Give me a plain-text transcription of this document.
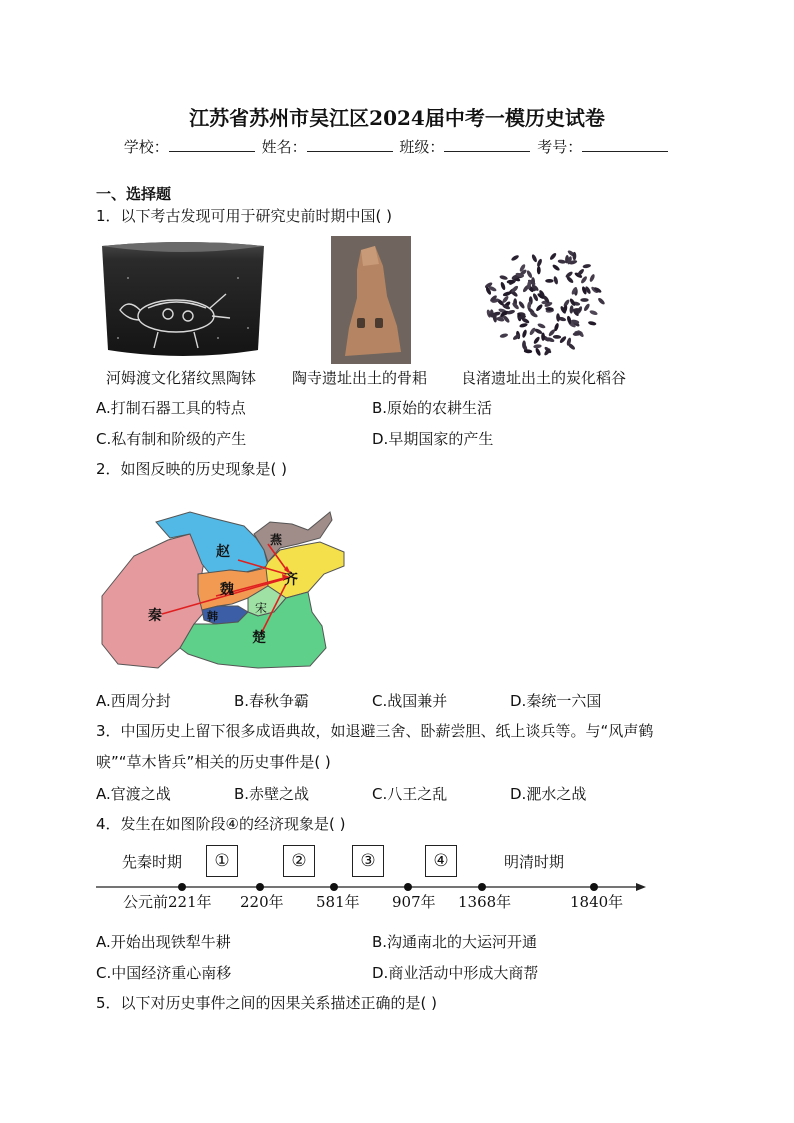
江苏省苏州市吴江区2024届中考一模历史试卷
学校：	姓名：	班级：	考号：
一、选择题
1．以下考古发现可用于研究史前时期中国( )
河姆渡文化猪纹黑陶钵 陶寺遗址出土的骨耜 良渚遗址出土的炭化稻谷
A.打制石器工具的特点	B.原始的农耕生活
C.私有制和阶级的产生	D.早期国家的产生
2．如图反映的历史现象是( )
赵
燕
齐
魏
秦	韩
宋
楚
A.西周分封	B.春秋争霸	C.战国兼并	D.秦统一六国
3．中国历史上留下很多成语典故，如退避三舍、卧薪尝胆、纸上谈兵等。与“风声鹤
唳”“草木皆兵”相关的历史事件是( )
A.官渡之战	B.赤壁之战	C.八王之乱	D.淝水之战
4．发生在如图阶段④的经济现象是( )
先秦时期	明清时期
①	②	③	④
公元前221年 220年 581年 907年 1368年	1840年
A.开始出现铁犁牛耕	B.沟通南北的大运河开通
C.中国经济重心南移	D.商业活动中形成大商帮
5．以下对历史事件之间的因果关系描述正确的是( )
